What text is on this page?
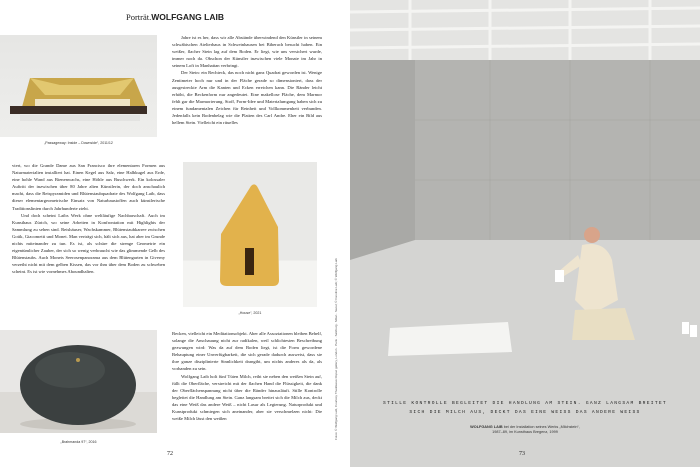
Porträt.WOLFGANG LAIB
„Passageway: Inside – Downside“, 2011/12

Jahre ist es her, dass wir alle Abstände überwindend den Künstler in seinem schwäbischen Atelierhaus in Schweinhausen bei Biberach besucht haben. Ein weißer, flacher Stein lag auf dem Boden. Er liegt, wie uns versichert wurde, immer noch da. Obschon der Künstler inzwischen viele Monate im Jahr in seinem Loft in Manhattan verbringt.

Der Stein: ein Rechteck, das noch nicht ganz Quadrat geworden ist. Wenige Zentimeter hoch nur und in der Fläche gerade so dimensioniert, dass der ausgestreckte Arm die Kanten und Ecken erreichen kann. Die Ränder leicht erhöht, die Beckenform nur angedeutet. Eine makellose Fläche, dem Marmor fehlt gar die Marmorierung. Stoff, Form-Idee und Materialumgang haben sich zu einem fundamentalen Zeichen für Reinheit und Vollkommenheit verbunden. Jedenfalls kein Bodenbelag wie die Platten des Carl Andre. Eher ein Bild aus hellem Stein. Vielleicht ein rituelles

viert, wo die Grande Dame aus San Francisco ihre elementaren Formen aus Naturmaterialien installiert hat. Einen Kegel aus Salz, eine Halbkugel aus Erde, eine hohle Wand aus Bienenwachs, eine Höhle aus Buschwerk. Ein kolossaler Auftritt der inzwischen über 80 Jahre alten Künstlerin, der doch anschaulich macht, dass die Reispyramiden und Blütenstaubquadrate des Wolfgang Laib, dass dieser elementargeometrische Einsatz von Naturbaustoffen auch künstlerische Traditionslinien durch Jahrhunderte zieht.

Und doch scheint Laibs Werk ohne weltläufige Nachbarschaft. Auch im Kunsthaus Zürich, wo seine Arbeiten in Konfrontation mit Highlights der Sammlung zu sehen sind. Reishäuser, Wachskammer, Blütenstaubkarree zwischen Gotik, Giacometti und Monet. Man verträgt sich, hält sich aus, hat aber im Grunde nichts miteinander zu tun. Es ist, als schüre die strenge Geometrie ein eigentümlicher Zauber, der sich so wenig verbraucht wie das glimmende Gelb des Blütenstaubs. Auch Monets Seerosenpanorama aus dem Blütengarten in Giverny verzeiht nicht mit dem gelben Kissen, das vor ihm über dem Boden zu schweben scheint. Es ist wie vornehmes Aboundhalten.

„House“, 2021
„Brahmanda 97“, 2016

Becken, vielleicht ein Meditationsobjekt. Aber alle Assoziationen bleiben Behelf, solange die Anschauung nicht zur radikalen, weil schlichtesten Beschreibung gezwungen wird: Was da auf dem Boden liegt, ist die Form gewordene Behauptung einer Unverfügbarkeit, die sich gerade dadurch ausweist, dass sie ihre ganze disziplinierte Sinnlichkeit drangibt, um nichts anderes als da, als vorhanden zu sein.

Wolfgang Laib holt fünf Tüten Milch, reiht sie neben den weißen Stein auf, füllt die Oberfläche, verstreicht mit der flachen Hand die Flüssigkeit, die dank der Oberflächenspannung nicht über die Ränder hinausläuft. Stille Kontrolle begleitet die Handlung am Stein. Ganz langsam breitet sich die Milch aus, deckt das eine Weiß das andere Weiß – nicht Lasur als Legierung. Naturprodukt und Kunstprodukt schmiegen sich aneinander, aber sie verschmelzen nicht: Die weiße Milch lässt den weißen	Fotos: © Wolfgang Laib, Courtesy Thaddaeus Ropac gallery, London · Paris · Salzburg · Milan · Seoul; © Caroline Laib; © Wolfgang Laib
72
STILLE KONTROLLE BEGLEITET DIE HANDLUNG AM STEIN. GANZ LANGSAM BREITET
SICH DIE MILCH AUS, DECKT DAS EINE WEISS DAS ANDERE WEISS
WOLFGANG LAIB bei der Installation seines Werks „Milchstein“,
1987–89, im Kunsthaus Bregenz, 1999
73
